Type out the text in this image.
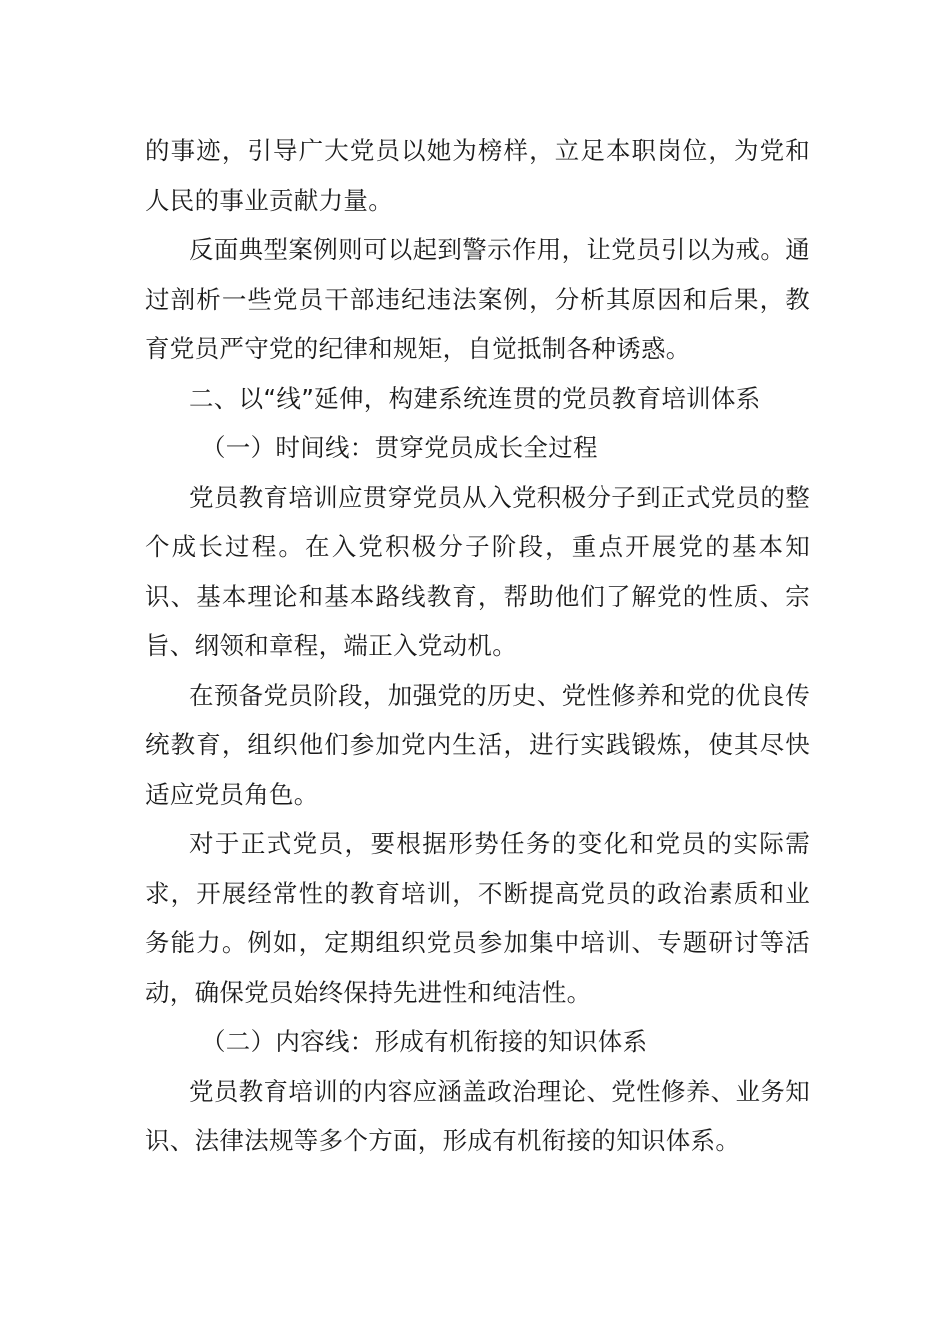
的事迹，引导广大党员以她为榜样，立足本职岗位，为党和人民的事业贡献力量。

反面典型案例则可以起到警示作用，让党员引以为戒。通过剖析一些党员干部违纪违法案例，分析其原因和后果，教育党员严守党的纪律和规矩，自觉抵制各种诱惑。

二、以“线”延伸，构建系统连贯的党员教育培训体系

（一）时间线：贯穿党员成长全过程

党员教育培训应贯穿党员从入党积极分子到正式党员的整个成长过程。在入党积极分子阶段，重点开展党的基本知识、基本理论和基本路线教育，帮助他们了解党的性质、宗旨、纲领和章程，端正入党动机。

在预备党员阶段，加强党的历史、党性修养和党的优良传统教育，组织他们参加党内生活，进行实践锻炼，使其尽快适应党员角色。

对于正式党员，要根据形势任务的变化和党员的实际需求，开展经常性的教育培训，不断提高党员的政治素质和业务能力。例如，定期组织党员参加集中培训、专题研讨等活动，确保党员始终保持先进性和纯洁性。

（二）内容线：形成有机衔接的知识体系

党员教育培训的内容应涵盖政治理论、党性修养、业务知识、法律法规等多个方面，形成有机衔接的知识体系。
